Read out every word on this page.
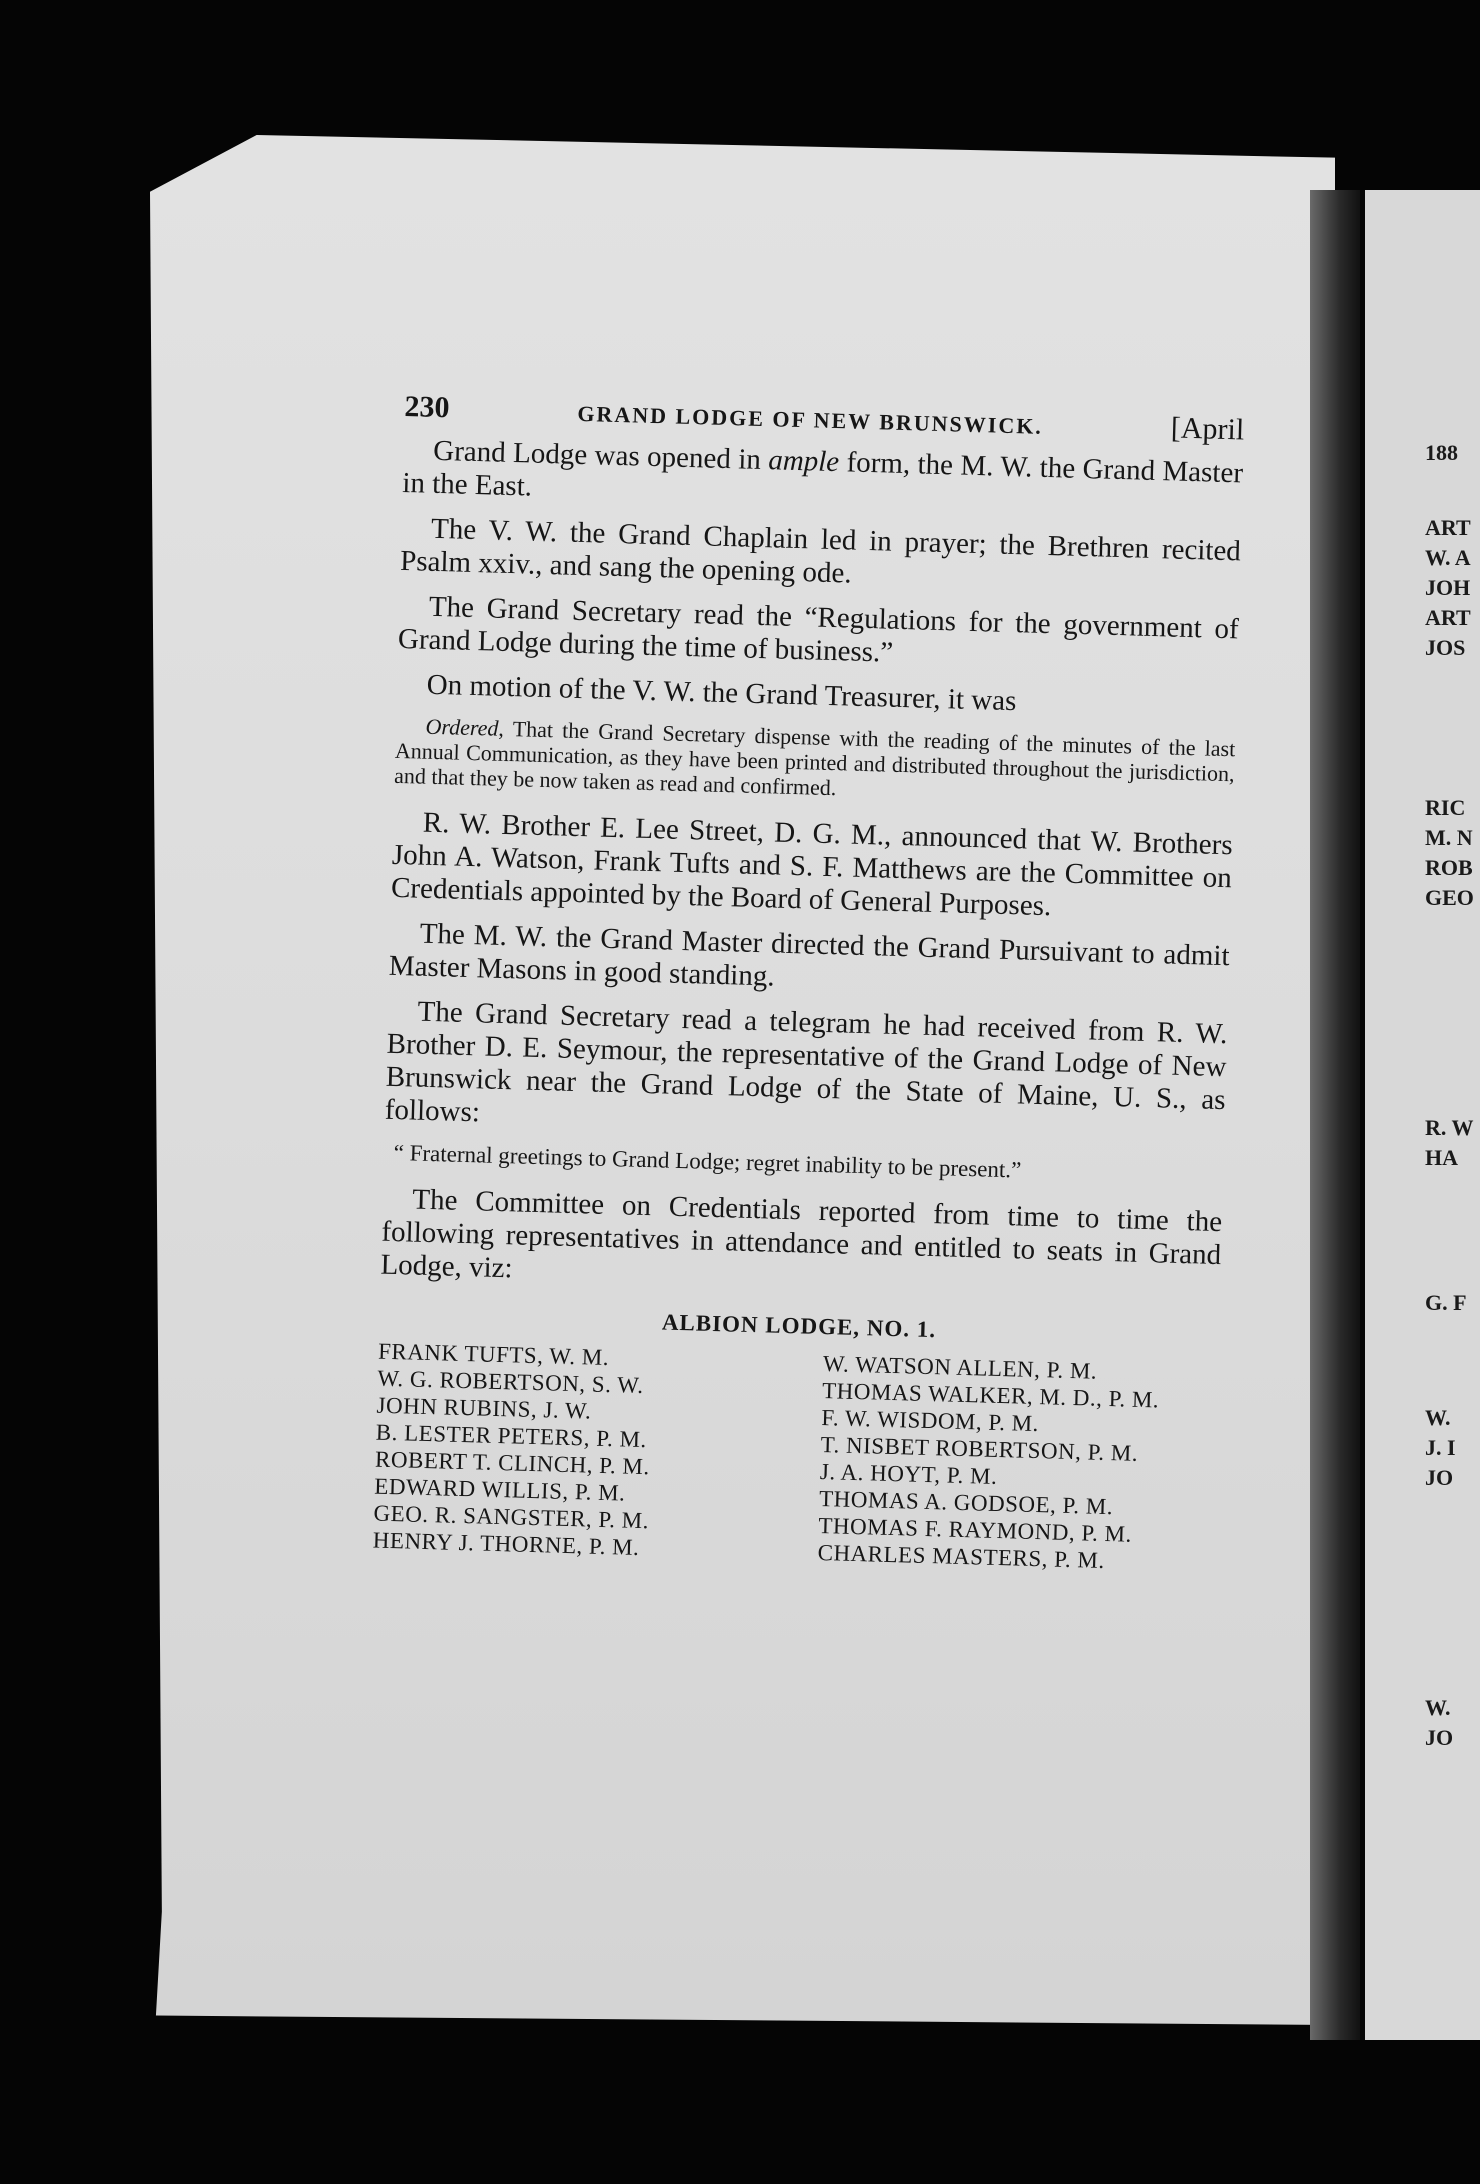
188
ART
W. A
JOH
ART
JOS
RIC
M. N
ROB
GEO
R. W
HA
G. F
W.
J. I
JO
W.
JO
230	GRAND LODGE OF NEW BRUNSWICK.	[April

Grand Lodge was opened in ample form, the M. W. the Grand Master in the East.

The V. W. the Grand Chaplain led in prayer; the Brethren recited Psalm xxiv., and sang the opening ode.

The Grand Secretary read the “Regulations for the government of Grand Lodge during the time of business.”

On motion of the V. W. the Grand Treasurer, it was

Ordered, That the Grand Secretary dispense with the reading of the minutes of the last Annual Communication, as they have been printed and distributed throughout the jurisdiction, and that they be now taken as read and confirmed.

R. W. Brother E. Lee Street, D. G. M., announced that W. Brothers John A. Watson, Frank Tufts and S. F. Matthews are the Committee on Credentials appointed by the Board of General Purposes.

The M. W. the Grand Master directed the Grand Pursuivant to admit Master Masons in good standing.

The Grand Secretary read a telegram he had received from R. W. Brother D. E. Seymour, the representative of the Grand Lodge of New Brunswick near the Grand Lodge of the State of Maine, U. S., as follows:

“ Fraternal greetings to Grand Lodge; regret inability to be present.”

The Committee on Credentials reported from time to time the following representatives in attendance and entitled to seats in Grand Lodge, viz:

ALBION LODGE, NO. 1.
FRANK TUFTS, W. M.
W. G. ROBERTSON, S. W.
JOHN RUBINS, J. W.
B. LESTER PETERS, P. M.
ROBERT T. CLINCH, P. M.
EDWARD WILLIS, P. M.
GEO. R. SANGSTER, P. M.
HENRY J. THORNE, P. M.
W. WATSON ALLEN, P. M.
THOMAS WALKER, M. D., P. M.
F. W. WISDOM, P. M.
T. NISBET ROBERTSON, P. M.
J. A. HOYT, P. M.
THOMAS A. GODSOE, P. M.
THOMAS F. RAYMOND, P. M.
CHARLES MASTERS, P. M.
